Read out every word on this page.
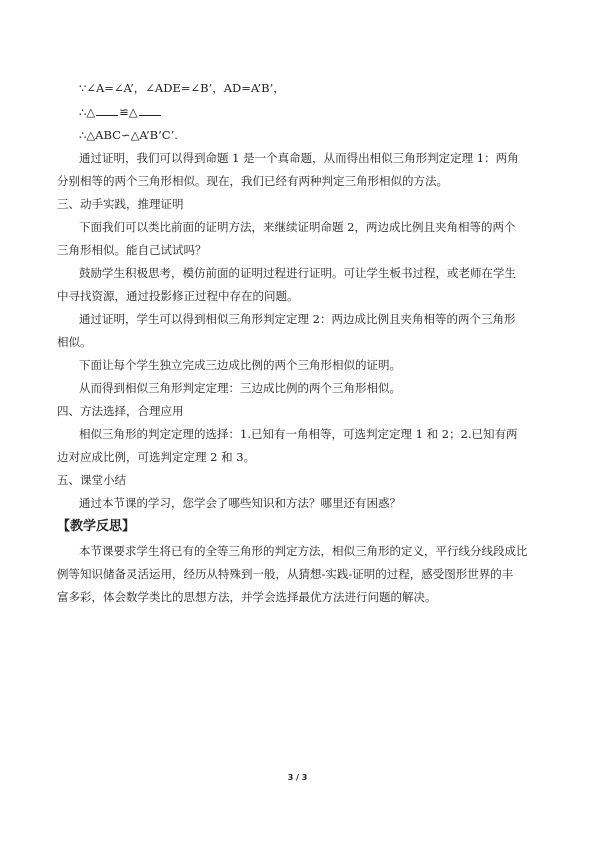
∵∠A=∠A’，∠ADE=∠B’，AD=A’B’，
∴△ ≌△
∴△ABC∽△A’B’C’.
通过证明，我们可以得到命题 1 是一个真命题，从而得出相似三角形判定定理 1：两角
分别相等的两个三角形相似。现在，我们已经有两种判定三角形相似的方法。
三、动手实践，推理证明
下面我们可以类比前面的证明方法，来继续证明命题 2，两边成比例且夹角相等的两个
三角形相似。能自己试试吗？
鼓励学生积极思考，模仿前面的证明过程进行证明。可让学生板书过程，或老师在学生
中寻找资源，通过投影修正过程中存在的问题。
通过证明，学生可以得到相似三角形判定定理 2：两边成比例且夹角相等的两个三角形
相似。
下面让每个学生独立完成三边成比例的两个三角形相似的证明。
从而得到相似三角形判定定理：三边成比例的两个三角形相似。
四、方法选择，合理应用
相似三角形的判定定理的选择：1.已知有一角相等，可选判定定理 1 和 2；2.已知有两
边对应成比例，可选判定定理 2 和 3。
五、课堂小结
通过本节课的学习，您学会了哪些知识和方法？哪里还有困惑？
【教学反思】
本节课要求学生将已有的全等三角形的判定方法，相似三角形的定义，平行线分线段成比
例等知识储备灵活运用，经历从特殊到一般，从猜想-实践-证明的过程，感受图形世界的丰
富多彩，体会数学类比的思想方法，并学会选择最优方法进行问题的解决。
3 / 3
